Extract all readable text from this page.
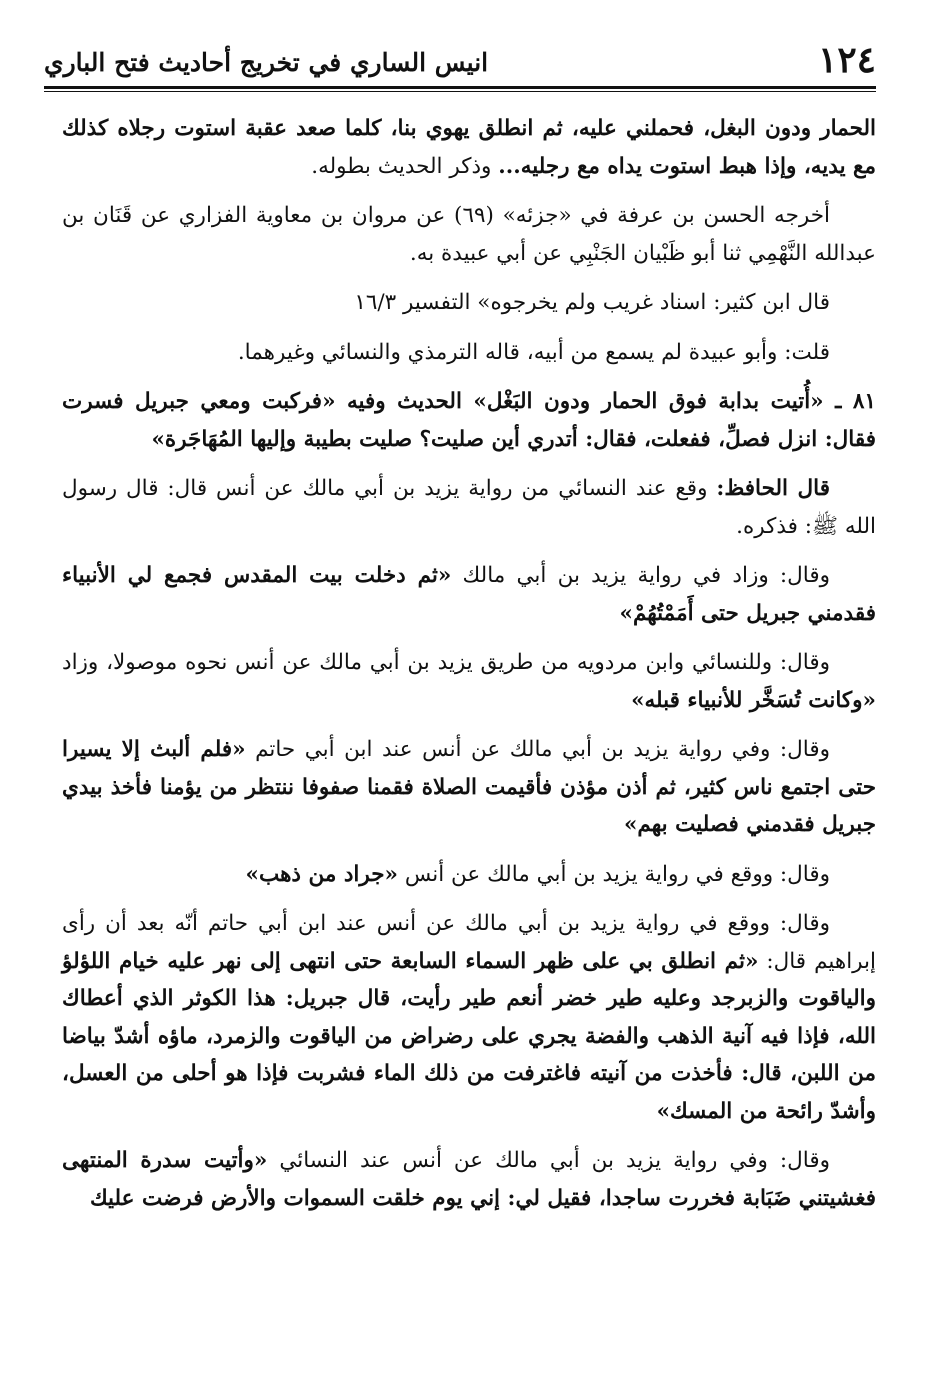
١٢٤
انيس الساري في تخريج أحاديث فتح الباري

الحمار ودون البغل، فحملني عليه، ثم انطلق يهوي بنا، كلما صعد عقبة استوت رجلاه كذلك مع يديه، وإذا هبط استوت يداه مع رجليه... وذكر الحديث بطوله.

أخرجه الحسن بن عرفة في «جزئه» (٦٩) عن مروان بن معاوية الفزاري عن قَنَان بن عبدالله النَّهْمِي ثنا أبو ظَبْيان الجَنْبِي عن أبي عبيدة به.

قال ابن كثير: اسناد غريب ولم يخرجوه» التفسير ١٦/٣

قلت: وأبو عبيدة لم يسمع من أبيه، قاله الترمذي والنسائي وغيرهما.

٨١ ـ «أُتيت بدابة فوق الحمار ودون البَغْل» الحديث وفيه «فركبت ومعي جبريل فسرت فقال: انزل فصلِّ، ففعلت، فقال: أتدري أين صليت؟ صليت بطيبة وإليها المُهَاجَرة»

قال الحافظ: وقع عند النسائي من رواية يزيد بن أبي مالك عن أنس قال: قال رسول الله ﷺ: فذكره.

وقال: وزاد في رواية يزيد بن أبي مالك «ثم دخلت بيت المقدس فجمع لي الأنبياء فقدمني جبريل حتى أَمَمْتُهُمْ»

وقال: وللنسائي وابن مردويه من طريق يزيد بن أبي مالك عن أنس نحوه موصولا، وزاد «وكانت تُسَخَّر للأنبياء قبله»

وقال: وفي رواية يزيد بن أبي مالك عن أنس عند ابن أبي حاتم «فلم ألبث إلا يسيرا حتى اجتمع ناس كثير، ثم أذن مؤذن فأقيمت الصلاة فقمنا صفوفا ننتظر من يؤمنا فأخذ بيدي جبريل فقدمني فصليت بهم»

وقال: ووقع في رواية يزيد بن أبي مالك عن أنس «جراد من ذهب»

وقال: ووقع في رواية يزيد بن أبي مالك عن أنس عند ابن أبي حاتم أنّه بعد أن رأى إبراهيم قال: «ثم انطلق بي على ظهر السماء السابعة حتى انتهى إلى نهر عليه خيام اللؤلؤ والياقوت والزبرجد وعليه طير خضر أنعم طير رأيت، قال جبريل: هذا الكوثر الذي أعطاك الله، فإذا فيه آنية الذهب والفضة يجري على رضراض من الياقوت والزمرد، ماؤه أشدّ بياضا من اللبن، قال: فأخذت من آنيته فاغترفت من ذلك الماء فشربت فإذا هو أحلى من العسل، وأشدّ رائحة من المسك»

وقال: وفي رواية يزيد بن أبي مالك عن أنس عند النسائي «وأتيت سدرة المنتهى فغشيتني ضَبَابة فخررت ساجدا، فقيل لي: إني يوم خلقت السموات والأرض فرضت عليك
